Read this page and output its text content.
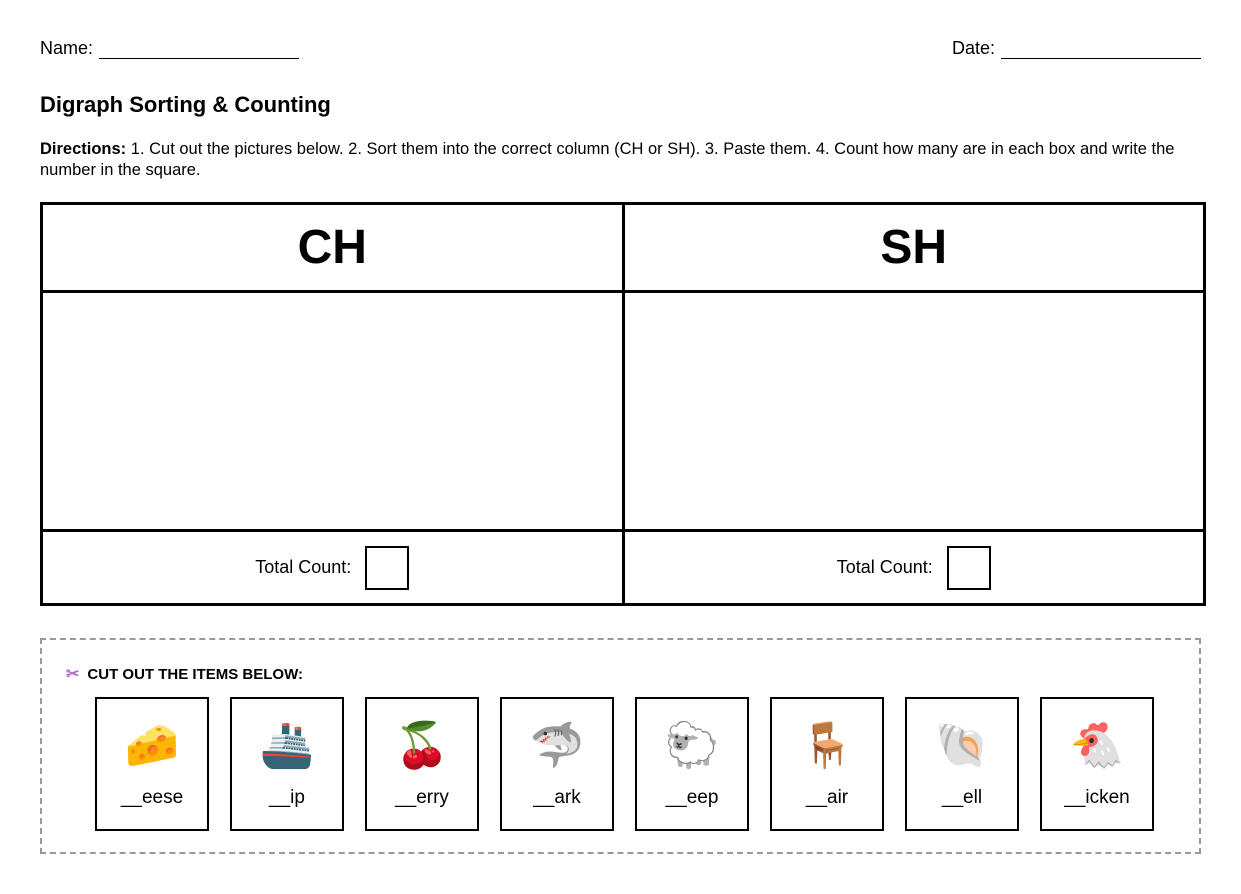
Name:	Date:
Digraph Sorting & Counting

Directions: 1. Cut out the pictures below. 2. Sort them into the correct column (CH or SH). 3. Paste them. 4. Count how many are in each box and write the number in the square.

CH	SH

Total Count:	Total Count:
✂ CUT OUT THE ITEMS BELOW:
🧀
__eese
🚢
__ip
🍒
__erry
🦈
__ark
🐑
__eep
🪑
__air
🐚
__ell
🐔
__icken
